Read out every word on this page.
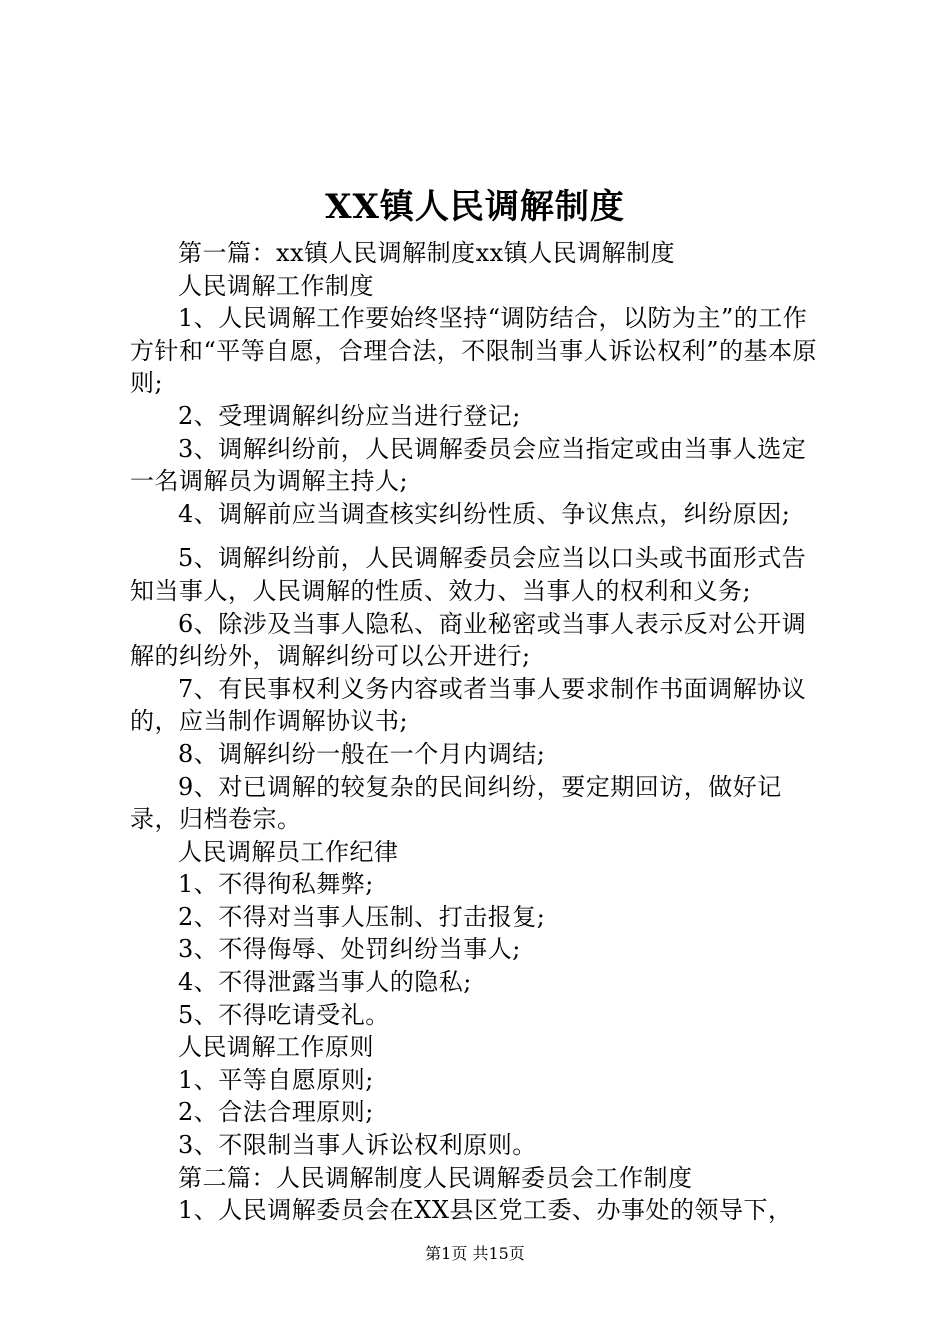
XX镇人民调解制度

第一篇：xx镇人民调解制度xx镇人民调解制度

人民调解工作制度

1、人民调解工作要始终坚持“调防结合，以防为主”的工作方针和“平等自愿，合理合法，不限制当事人诉讼权利”的基本原则;

2、受理调解纠纷应当进行登记;

3、调解纠纷前，人民调解委员会应当指定或由当事人选定一名调解员为调解主持人;

4、调解前应当调查核实纠纷性质、争议焦点，纠纷原因;

5、调解纠纷前，人民调解委员会应当以口头或书面形式告知当事人，人民调解的性质、效力、当事人的权利和义务;

6、除涉及当事人隐私、商业秘密或当事人表示反对公开调解的纠纷外，调解纠纷可以公开进行;

7、有民事权利义务内容或者当事人要求制作书面调解协议的，应当制作调解协议书;

8、调解纠纷一般在一个月内调结;

9、对已调解的较复杂的民间纠纷，要定期回访，做好记录，归档卷宗。

人民调解员工作纪律

1、不得徇私舞弊;

2、不得对当事人压制、打击报复;

3、不得侮辱、处罚纠纷当事人;

4、不得泄露当事人的隐私;

5、不得吃请受礼。

人民调解工作原则

1、平等自愿原则;

2、合法合理原则;

3、不限制当事人诉讼权利原则。

第二篇：人民调解制度人民调解委员会工作制度

1、人民调解委员会在XX县区党工委、办事处的领导下，

第1页 共15页
